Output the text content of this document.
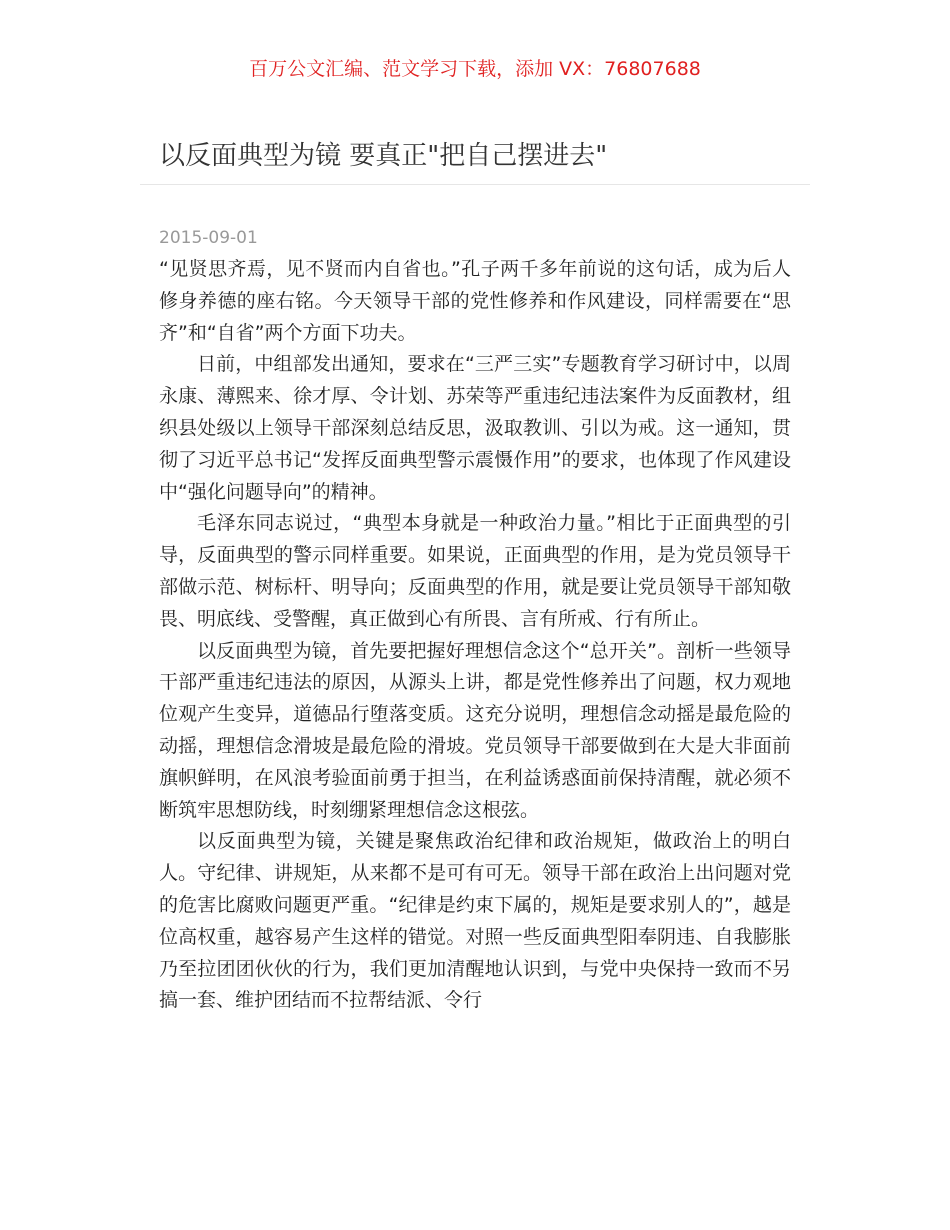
百万公文汇编、范文学习下载，添加 VX：76807688
以反面典型为镜 要真正"把自己摆进去"
2015-09-01

“见贤思齐焉，见不贤而内自省也。”孔子两千多年前说的这句话，成为后人修身养德的座右铭。今天领导干部的党性修养和作风建设，同样需要在“思齐”和“自省”两个方面下功夫。

日前，中组部发出通知，要求在“三严三实”专题教育学习研讨中，以周永康、薄熙来、徐才厚、令计划、苏荣等严重违纪违法案件为反面教材，组织县处级以上领导干部深刻总结反思，汲取教训、引以为戒。这一通知，贯彻了习近平总书记“发挥反面典型警示震慑作用”的要求，也体现了作风建设中“强化问题导向”的精神。

毛泽东同志说过，“典型本身就是一种政治力量。”相比于正面典型的引导，反面典型的警示同样重要。如果说，正面典型的作用，是为党员领导干部做示范、树标杆、明导向；反面典型的作用，就是要让党员领导干部知敬畏、明底线、受警醒，真正做到心有所畏、言有所戒、行有所止。

以反面典型为镜，首先要把握好理想信念这个“总开关”。剖析一些领导干部严重违纪违法的原因，从源头上讲，都是党性修养出了问题，权力观地位观产生变异，道德品行堕落变质。这充分说明，理想信念动摇是最危险的动摇，理想信念滑坡是最危险的滑坡。党员领导干部要做到在大是大非面前旗帜鲜明，在风浪考验面前勇于担当，在利益诱惑面前保持清醒，就必须不断筑牢思想防线，时刻绷紧理想信念这根弦。

以反面典型为镜，关键是聚焦政治纪律和政治规矩，做政治上的明白人。守纪律、讲规矩，从来都不是可有可无。领导干部在政治上出问题对党的危害比腐败问题更严重。“纪律是约束下属的，规矩是要求别人的”，越是位高权重，越容易产生这样的错觉。对照一些反面典型阳奉阴违、自我膨胀乃至拉团团伙伙的行为，我们更加清醒地认识到，与党中央保持一致而不另搞一套、维护团结而不拉帮结派、令行
